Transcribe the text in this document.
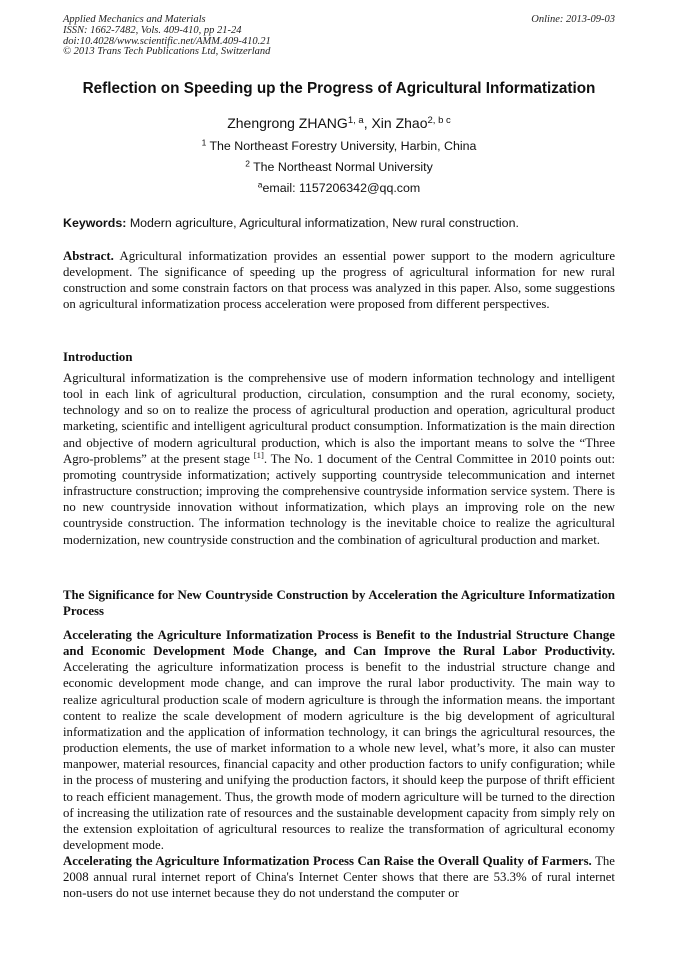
Applied Mechanics and Materials
ISSN: 1662-7482, Vols. 409-410, pp 21-24
doi:10.4028/www.scientific.net/AMM.409-410.21
© 2013 Trans Tech Publications Ltd, Switzerland
Online: 2013-09-03
Reflection on Speeding up the Progress of Agricultural Informatization
Zhengrong ZHANG$^{1, a}$, Xin Zhao$^{2, b c}$
$^1$ The Northeast Forestry University, Harbin, China
$^2$ The Northeast Normal University
$^a$email: 1157206342@qq.com
Keywords: Modern agriculture, Agricultural informatization, New rural construction.
Abstract. Agricultural informatization provides an essential power support to the modern agriculture development. The significance of speeding up the progress of agricultural information for new rural construction and some constrain factors on that process was analyzed in this paper. Also, some suggestions on agricultural informatization process acceleration were proposed from different perspectives.
Introduction
Agricultural informatization is the comprehensive use of modern information technology and intelligent tool in each link of agricultural production, circulation, consumption and the rural economy, society, technology and so on to realize the process of agricultural production and operation, agricultural product marketing, scientific and intelligent agricultural product consumption. Informatization is the main direction and objective of modern agricultural production, which is also the important means to solve the “Three Agro-problems” at the present stage [1]. The No. 1 document of the Central Committee in 2010 points out: promoting countryside informatization; actively supporting countryside telecommunication and internet infrastructure construction; improving the comprehensive countryside information service system. There is no new countryside innovation without informatization, which plays an improving role on the new countryside construction. The information technology is the inevitable choice to realize the agricultural modernization, new countryside construction and the combination of agricultural production and market.
The Significance for New Countryside Construction by Acceleration the Agriculture Informatization Process
Accelerating the Agriculture Informatization Process is Benefit to the Industrial Structure Change and Economic Development Mode Change, and Can Improve the Rural Labor Productivity. Accelerating the agriculture informatization process is benefit to the industrial structure change and economic development mode change, and can improve the rural labor productivity. The main way to realize agricultural production scale of modern agriculture is through the information means. the important content to realize the scale development of modern agriculture is the big development of agricultural informatization and the application of information technology, it can brings the agricultural resources, the production elements, the use of market information to a whole new level, what’s more, it also can muster manpower, material resources, financial capacity and other production factors to unify configuration; while in the process of mustering and unifying the production factors, it should keep the purpose of thrift efficient to reach efficient management. Thus, the growth mode of modern agriculture will be turned to the direction of increasing the utilization rate of resources and the sustainable development capacity from simply rely on the extension exploitation of agricultural resources to realize the transformation of agricultural economy development mode.
Accelerating the Agriculture Informatization Process Can Raise the Overall Quality of Farmers. The 2008 annual rural internet report of China's Internet Center shows that there are 53.3% of rural internet non-users do not use internet because they do not understand the computer or
